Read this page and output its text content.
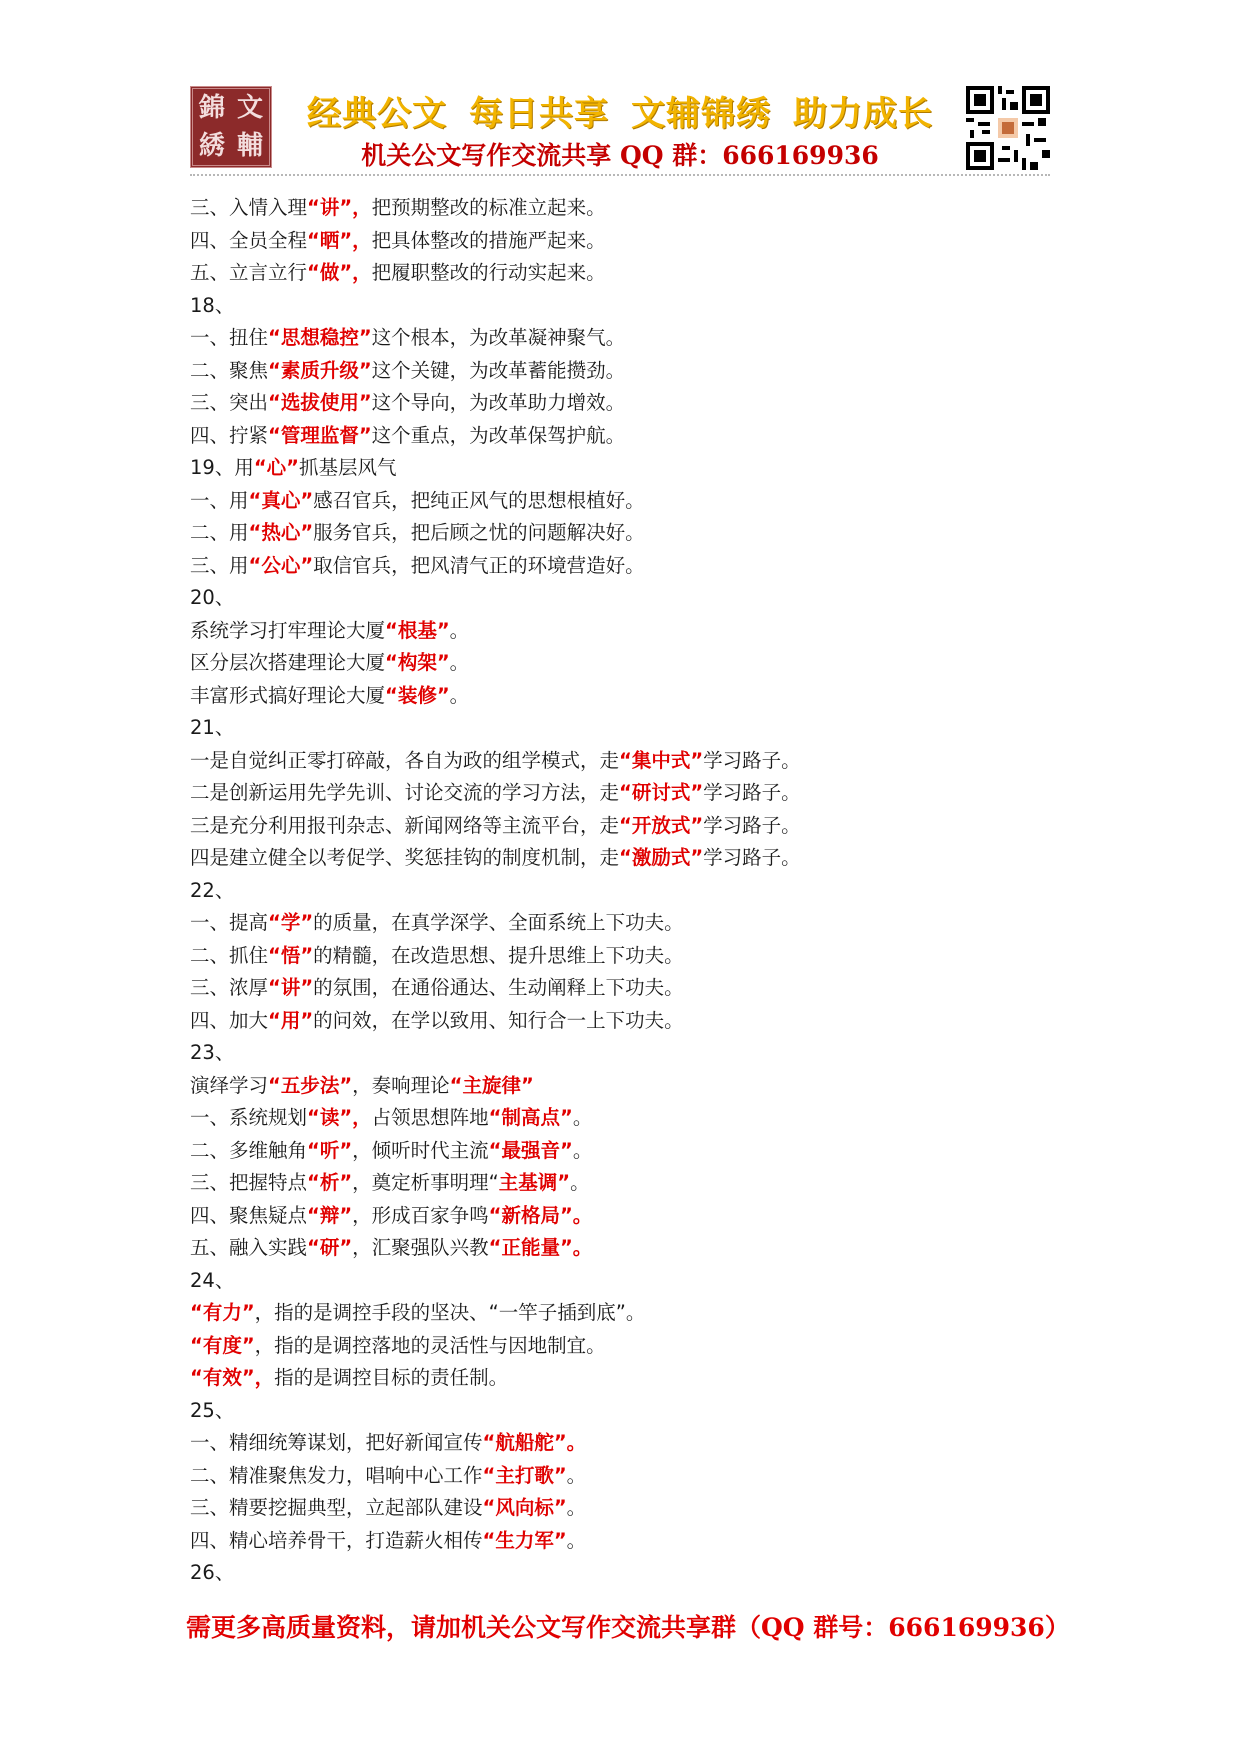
錦 文
綉 輔
经典公文 每日共享 文辅锦绣 助力成长
机关公文写作交流共享 QQ 群：666169936
三、入情入理“讲”，把预期整改的标准立起来。
四、全员全程“晒”，把具体整改的措施严起来。
五、立言立行“做”，把履职整改的行动实起来。
18、
一、扭住“思想稳控”这个根本，为改革凝神聚气。
二、聚焦“素质升级”这个关键，为改革蓄能攒劲。
三、突出“选拔使用”这个导向，为改革助力增效。
四、拧紧“管理监督”这个重点，为改革保驾护航。
19、用“心”抓基层风气
一、用“真心”感召官兵，把纯正风气的思想根植好。
二、用“热心”服务官兵，把后顾之忧的问题解决好。
三、用“公心”取信官兵，把风清气正的环境营造好。
20、
系统学习打牢理论大厦“根基”。
区分层次搭建理论大厦“构架”。
丰富形式搞好理论大厦“装修”。
21、
一是自觉纠正零打碎敲，各自为政的组学模式，走“集中式”学习路子。
二是创新运用先学先训、讨论交流的学习方法，走“研讨式”学习路子。
三是充分利用报刊杂志、新闻网络等主流平台，走“开放式”学习路子。
四是建立健全以考促学、奖惩挂钩的制度机制，走“激励式”学习路子。
22、
一、提高“学”的质量，在真学深学、全面系统上下功夫。
二、抓住“悟”的精髓，在改造思想、提升思维上下功夫。
三、浓厚“讲”的氛围，在通俗通达、生动阐释上下功夫。
四、加大“用”的问效，在学以致用、知行合一上下功夫。
23、
演绎学习“五步法”，奏响理论“主旋律”
一、系统规划“读”，占领思想阵地“制高点”。
二、多维触角“听”，倾听时代主流“最强音”。
三、把握特点“析”，奠定析事明理“主基调”。
四、聚焦疑点“辩”，形成百家争鸣“新格局”。
五、融入实践“研”，汇聚强队兴教“正能量”。
24、
“有力”，指的是调控手段的坚决、“一竿子插到底”。
“有度”，指的是调控落地的灵活性与因地制宜。
“有效”，指的是调控目标的责任制。
25、
一、精细统筹谋划，把好新闻宣传“航船舵”。
二、精准聚焦发力，唱响中心工作“主打歌”。
三、精要挖掘典型，立起部队建设“风向标”。
四、精心培养骨干，打造薪火相传“生力军”。
26、
需更多高质量资料，请加机关公文写作交流共享群（QQ 群号：666169936）
